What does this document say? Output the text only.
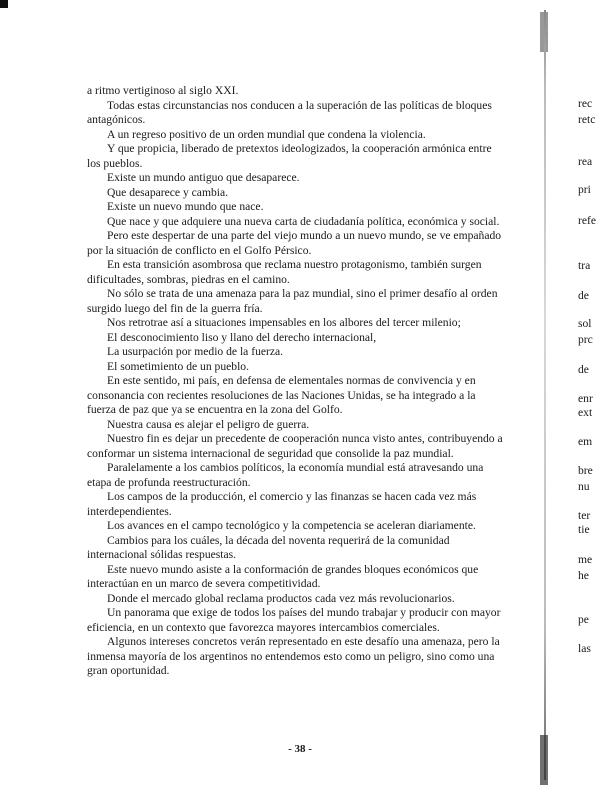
a ritmo vertiginoso al siglo XXI.

Todas estas circunstancias nos conducen a la superación de las políticas de bloques antagónicos.

A un regreso positivo de un orden mundial que condena la violencia.

Y que propicia, liberado de pretextos ideologizados, la cooperación armónica entre los pueblos.

Existe un mundo antiguo que desaparece.

Que desaparece y cambia.

Existe un nuevo mundo que nace.

Que nace y que adquiere una nueva carta de ciudadanía política, económica y social.

Pero este despertar de una parte del viejo mundo a un nuevo mundo, se ve empañado por la situación de conflicto en el Golfo Pérsico.

En esta transición asombrosa que reclama nuestro protagonismo, también surgen dificultades, sombras, piedras en el camino.

No sólo se trata de una amenaza para la paz mundial, sino el primer desafío al orden surgido luego del fin de la guerra fría.

Nos retrotrae así a situaciones impensables en los albores del tercer milenio;

El desconocimiento liso y llano del derecho internacional,

La usurpación por medio de la fuerza.

El sometimiento de un pueblo.

En este sentido, mi país, en defensa de elementales normas de convivencia y en consonancia con recientes resoluciones de las Naciones Unidas, se ha integrado a la fuerza de paz que ya se encuentra en la zona del Golfo.

Nuestra causa es alejar el peligro de guerra.

Nuestro fin es dejar un precedente de cooperación nunca visto antes, contribuyendo a conformar un sistema internacional de seguridad que consolide la paz mundial.

Paralelamente a los cambios políticos, la economía mundial está atravesando una etapa de profunda reestructuración.

Los campos de la producción, el comercio y las finanzas se hacen cada vez más interdependientes.

Los avances en el campo tecnológico y la competencia se aceleran diariamente.

Cambios para los cuáles, la década del noventa requerirá de la comunidad internacional sólidas respuestas.

Este nuevo mundo asiste a la conformación de grandes bloques económicos que interactúan en un marco de severa competitividad.

Donde el mercado global reclama productos cada vez más revolucionarios.

Un panorama que exige de todos los países del mundo trabajar y producir con mayor eficiencia, en un contexto que favorezca mayores intercambios comerciales.

Algunos intereses concretos verán representado en este desafío una amenaza, pero la inmensa mayoría de los argentinos no entendemos esto como un peligro, sino como una gran oportunidad.

- 38 -
rec
retc
rea
pri
refe
tra
de
sol
prc
de
enr
ext
em
bre
nu
ter
tie
me
he
pe
las
